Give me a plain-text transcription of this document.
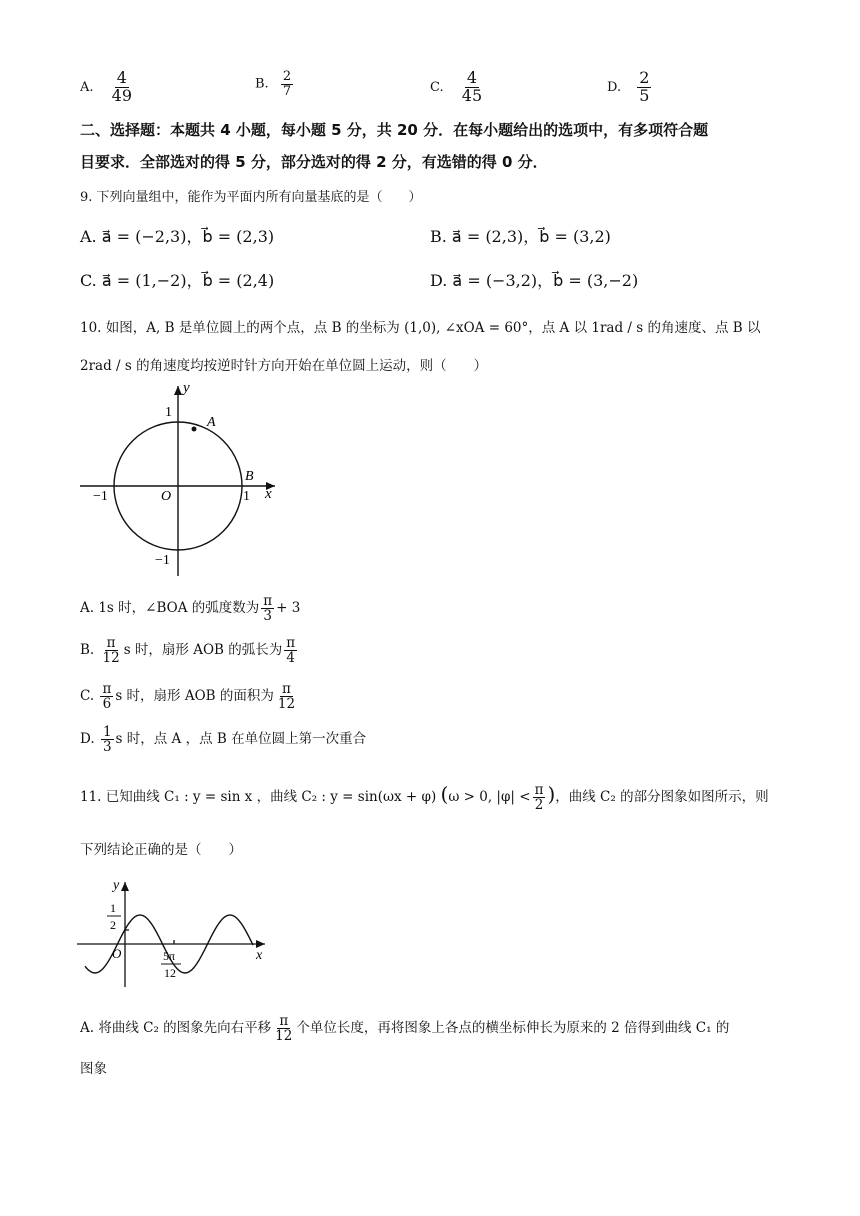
A. $\frac{4}{49}$	B. $\frac{2}{7}$	C. $\frac{4}{45}$	D. $\frac{2}{5}$
二、选择题：本题共 4 小题，每小题 5 分，共 20 分．在每小题给出的选项中，有多项符合题
目要求．全部选对的得 5 分，部分选对的得 2 分，有选错的得 0 分．
9. 下列向量组中，能作为平面内所有向量基底的是（　　）
A. a⃗ = (−2,3)，b⃗ = (2,3)	B. a⃗ = (2,3)，b⃗ = (3,2)
C. a⃗ = (1,−2)，b⃗ = (2,4)	D. a⃗ = (−3,2)，b⃗ = (3,−2)
10. 如图，A, B 是单位圆上的两个点，点 B 的坐标为 (1,0), ∠xOA = 60°，点 A 以 1rad / s 的角速度、点 B 以
2rad / s 的角速度均按逆时针方向开始在单位圆上运动，则（　　）
y
x
1
A
B
−1	O	1
−1
A. 1s 时，∠BOA 的弧度数为 $\frac{\pi}{3} + 3$
B. $\frac{\pi}{12}$ s 时，扇形 AOB 的弧长为 $\frac{\pi}{4}$
C. $\frac{\pi}{6}$ s 时，扇形 AOB 的面积为 $\frac{\pi}{12}$
D. $\frac{1}{3}$ s 时，点 A ，点 B 在单位圆上第一次重合
11. 已知曲线 C₁ : y = sin x ，曲线 C₂ : y = sin(ωx + φ) (ω > 0, $|\varphi| < \frac{\pi}{2}$ )，曲线 C₂ 的部分图象如图所示，则
下列结论正确的是（　　）
y
x
1
2
O	5π
12
A. 将曲线 C₂ 的图象先向右平移 $\frac{\pi}{12}$ 个单位长度，再将图象上各点的横坐标伸长为原来的 2 倍得到曲线 C₁ 的
图象
